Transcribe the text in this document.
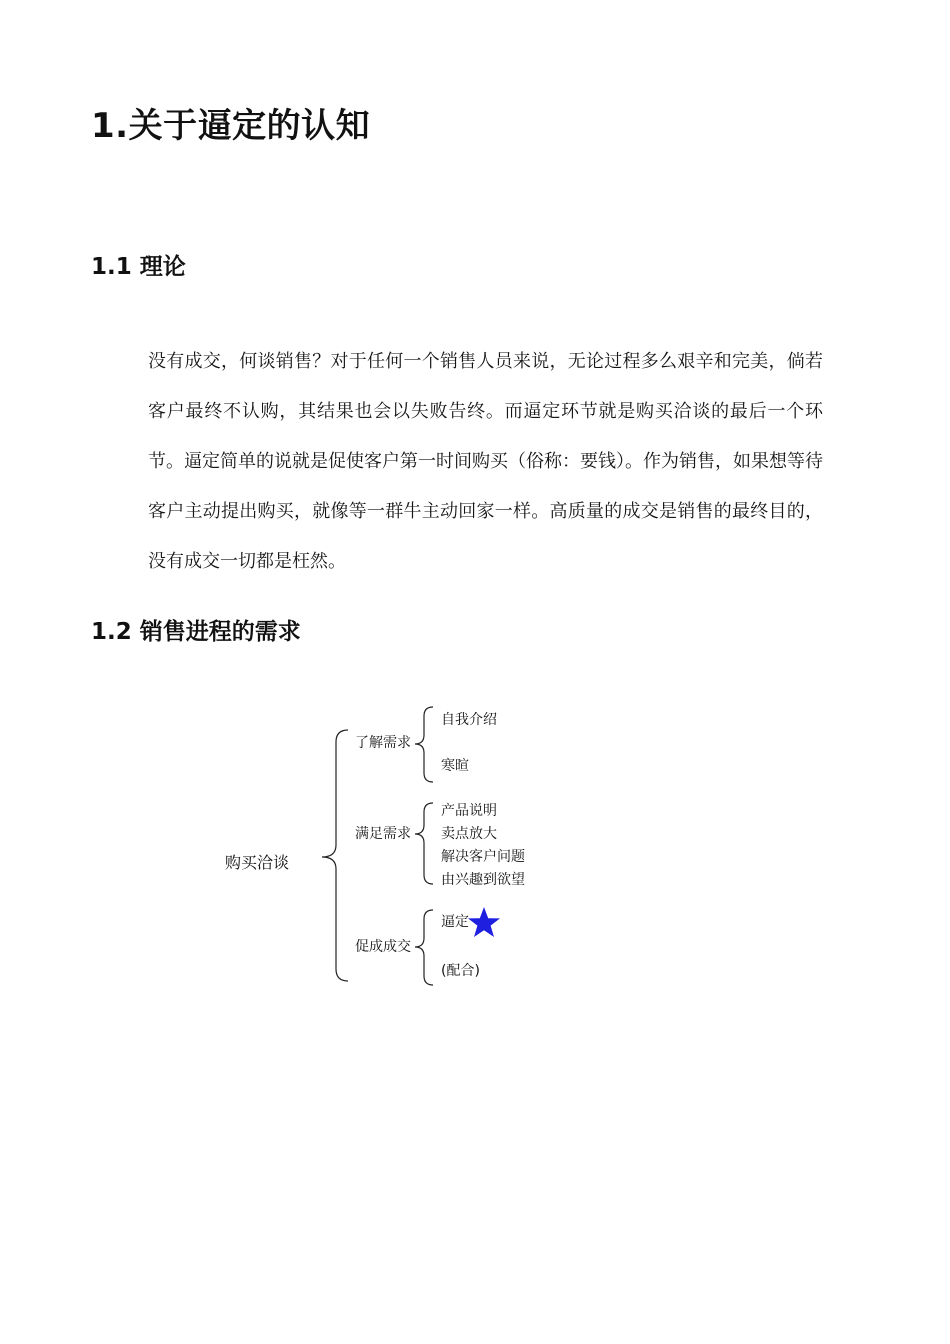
1.关于逼定的认知
1.1 理论

没有成交，何谈销售？对于任何一个销售人员来说，无论过程多么艰辛和完美，倘若客户最终不认购，其结果也会以失败告终。而逼定环节就是购买洽谈的最后一个环节。逼定简单的说就是促使客户第一时间购买（俗称：要钱）。作为销售，如果想等待客户主动提出购买，就像等一群牛主动回家一样。高质量的成交是销售的最终目的，没有成交一切都是枉然。

1.2 销售进程的需求
购买洽谈
了解需求
满足需求
促成成交
自我介绍
寒暄
产品说明
卖点放大
解决客户问题
由兴趣到欲望
逼定
(配合)
